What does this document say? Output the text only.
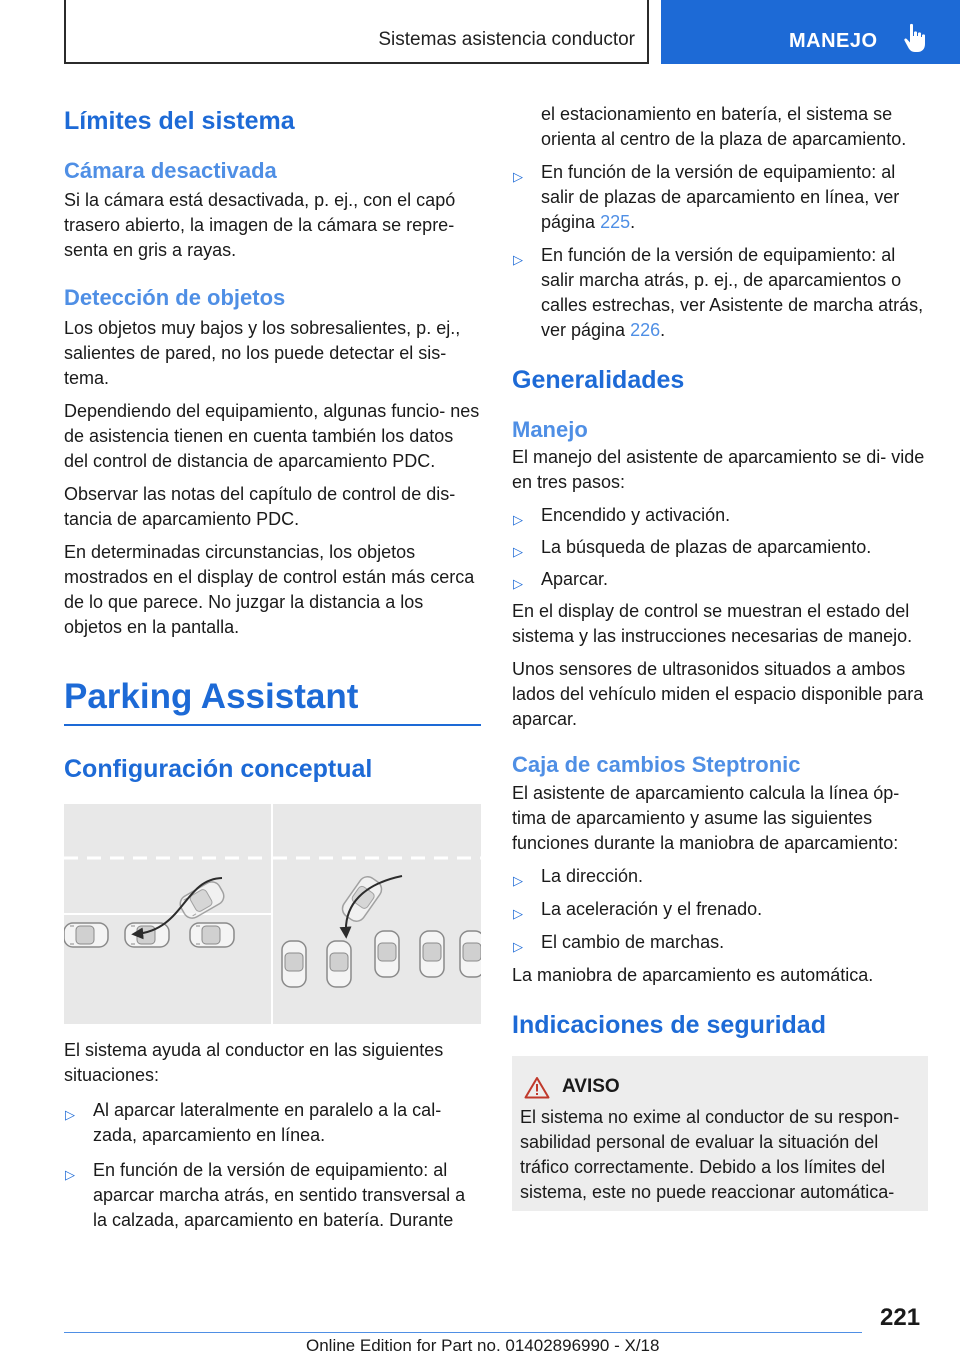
Sistemas asistencia conductor	MANEJO
Límites del sistema
Cámara desactivada

Si la cámara está desactivada, p. ej., con el capó trasero abierto, la imagen de la cámara se repre‐ senta en gris a rayas.

Detección de objetos

Los objetos muy bajos y los sobresalientes, p. ej., salientes de pared, no los puede detectar el sis‐ tema.

Dependiendo del equipamiento, algunas funcio‐ nes de asistencia tienen en cuenta también los datos del control de distancia de aparcamiento PDC.

Observar las notas del capítulo de control de dis‐ tancia de aparcamiento PDC.

En determinadas circunstancias, los objetos mostrados en el display de control están más cerca de lo que parece. No juzgar la distancia a los objetos en la pantalla.

Parking Assistant
Configuración conceptual

El sistema ayuda al conductor en las siguientes situaciones:

▷ Al aparcar lateralmente en paralelo a la cal‐ zada, aparcamiento en línea.
▷ En función de la versión de equipamiento: al aparcar marcha atrás, en sentido transversal a la calzada, aparcamiento en batería. Durante

el estacionamiento en batería, el sistema se orienta al centro de la plaza de aparcamiento.

▷ En función de la versión de equipamiento: al salir de plazas de aparcamiento en línea, ver página 225.
▷ En función de la versión de equipamiento: al salir marcha atrás, p. ej., de aparcamientos o calles estrechas, ver Asistente de marcha atrás, ver página 226.
Generalidades
Manejo

El manejo del asistente de aparcamiento se di‐ vide en tres pasos:

▷ Encendido y activación.
▷ La búsqueda de plazas de aparcamiento.
▷ Aparcar.

En el display de control se muestran el estado del sistema y las instrucciones necesarias de manejo.

Unos sensores de ultrasonidos situados a ambos lados del vehículo miden el espacio disponible para aparcar.

Caja de cambios Steptronic

El asistente de aparcamiento calcula la línea óp‐ tima de aparcamiento y asume las siguientes funciones durante la maniobra de aparcamiento:

▷ La dirección.
▷ La aceleración y el frenado.
▷ El cambio de marchas.

La maniobra de aparcamiento es automática.

Indicaciones de seguridad
AVISO

El sistema no exime al conductor de su respon‐ sabilidad personal de evaluar la situación del tráfico correctamente. Debido a los límites del sistema, este no puede reaccionar automática‐

221
Online Edition for Part no. 01402896990 - X/18
